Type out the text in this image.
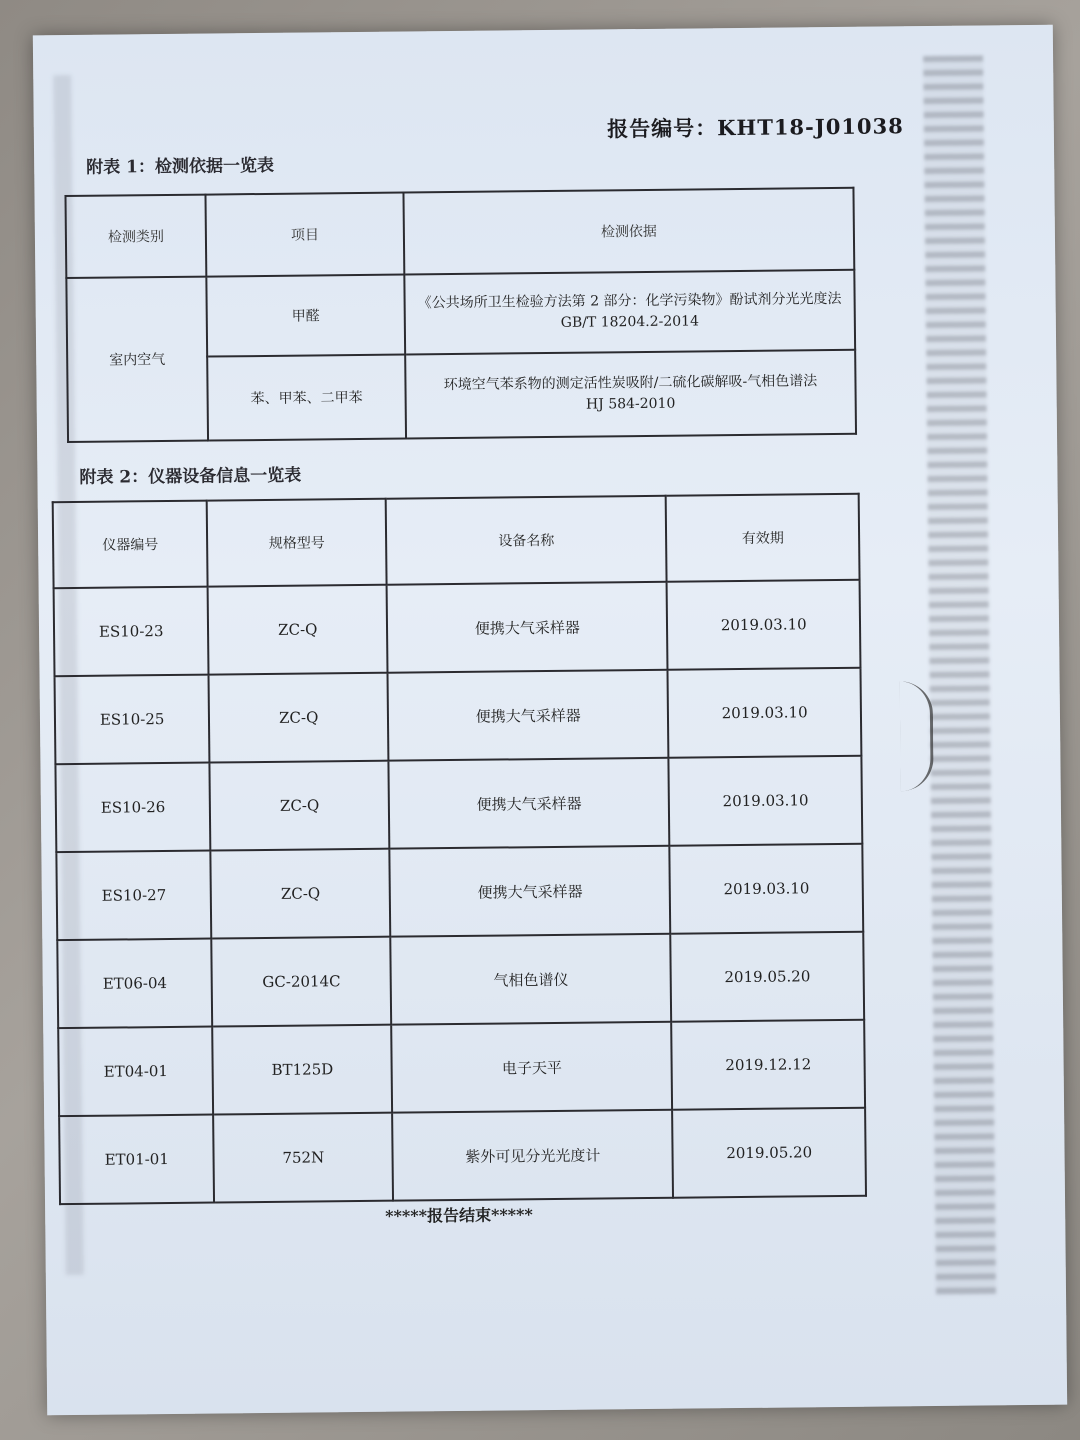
报告编号：KHT18-J01038
附表 1：检测依据一览表
检测类别	项目	检测依据
室内空气	甲醛	《公共场所卫生检验方法第 2 部分：化学污染物》酚试剂分光光度法
GB/T 18204.2-2014

	苯、甲苯、二甲苯	环境空气苯系物的测定活性炭吸附/二硫化碳解吸-气相色谱法
HJ 584-2010
附表 2：仪器设备信息一览表
仪器编号	规格型号	设备名称	有效期
ES10-23	ZC-Q	便携大气采样器	2019.03.10
ES10-25	ZC-Q	便携大气采样器	2019.03.10
ES10-26	ZC-Q	便携大气采样器	2019.03.10
ES10-27	ZC-Q	便携大气采样器	2019.03.10
ET06-04	GC-2014C	气相色谱仪	2019.05.20
ET04-01	BT125D	电子天平	2019.12.12
ET01-01	752N	紫外可见分光光度计	2019.05.20
*****报告结束*****
